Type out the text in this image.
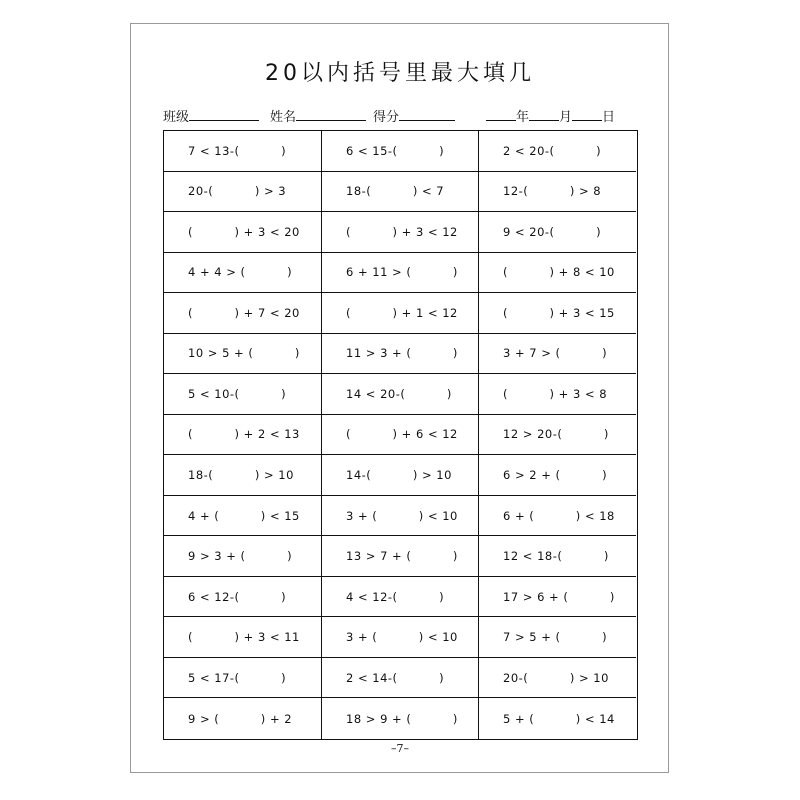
20以内括号里最大填几
班级	姓名	得分	年 月 日
7 < 13-(          )	6 < 15-(          )	2 < 20-(          )
20-(          ) > 3	18-(          ) < 7	12-(          ) > 8
(          ) + 3 < 20	(          ) + 3 < 12	9 < 20-(          )
4 + 4 > (          )	6 + 11 > (          )	(          ) + 8 < 10
(          ) + 7 < 20	(          ) + 1 < 12	(          ) + 3 < 15
10 > 5 + (          )	11 > 3 + (          )	3 + 7 > (          )
5 < 10-(          )	14 < 20-(          )	(          ) + 3 < 8
(          ) + 2 < 13	(          ) + 6 < 12	12 > 20-(          )
18-(          ) > 10	14-(          ) > 10	6 > 2 + (          )
4 + (          ) < 15	3 + (          ) < 10	6 + (          ) < 18
9 > 3 + (          )	13 > 7 + (          )	12 < 18-(          )
6 < 12-(          )	4 < 12-(          )	17 > 6 + (          )
(          ) + 3 < 11	3 + (          ) < 10	7 > 5 + (          )
5 < 17-(          )	2 < 14-(          )	20-(          ) > 10
9 > (          ) + 2	18 > 9 + (          )	5 + (          ) < 14
–7–
